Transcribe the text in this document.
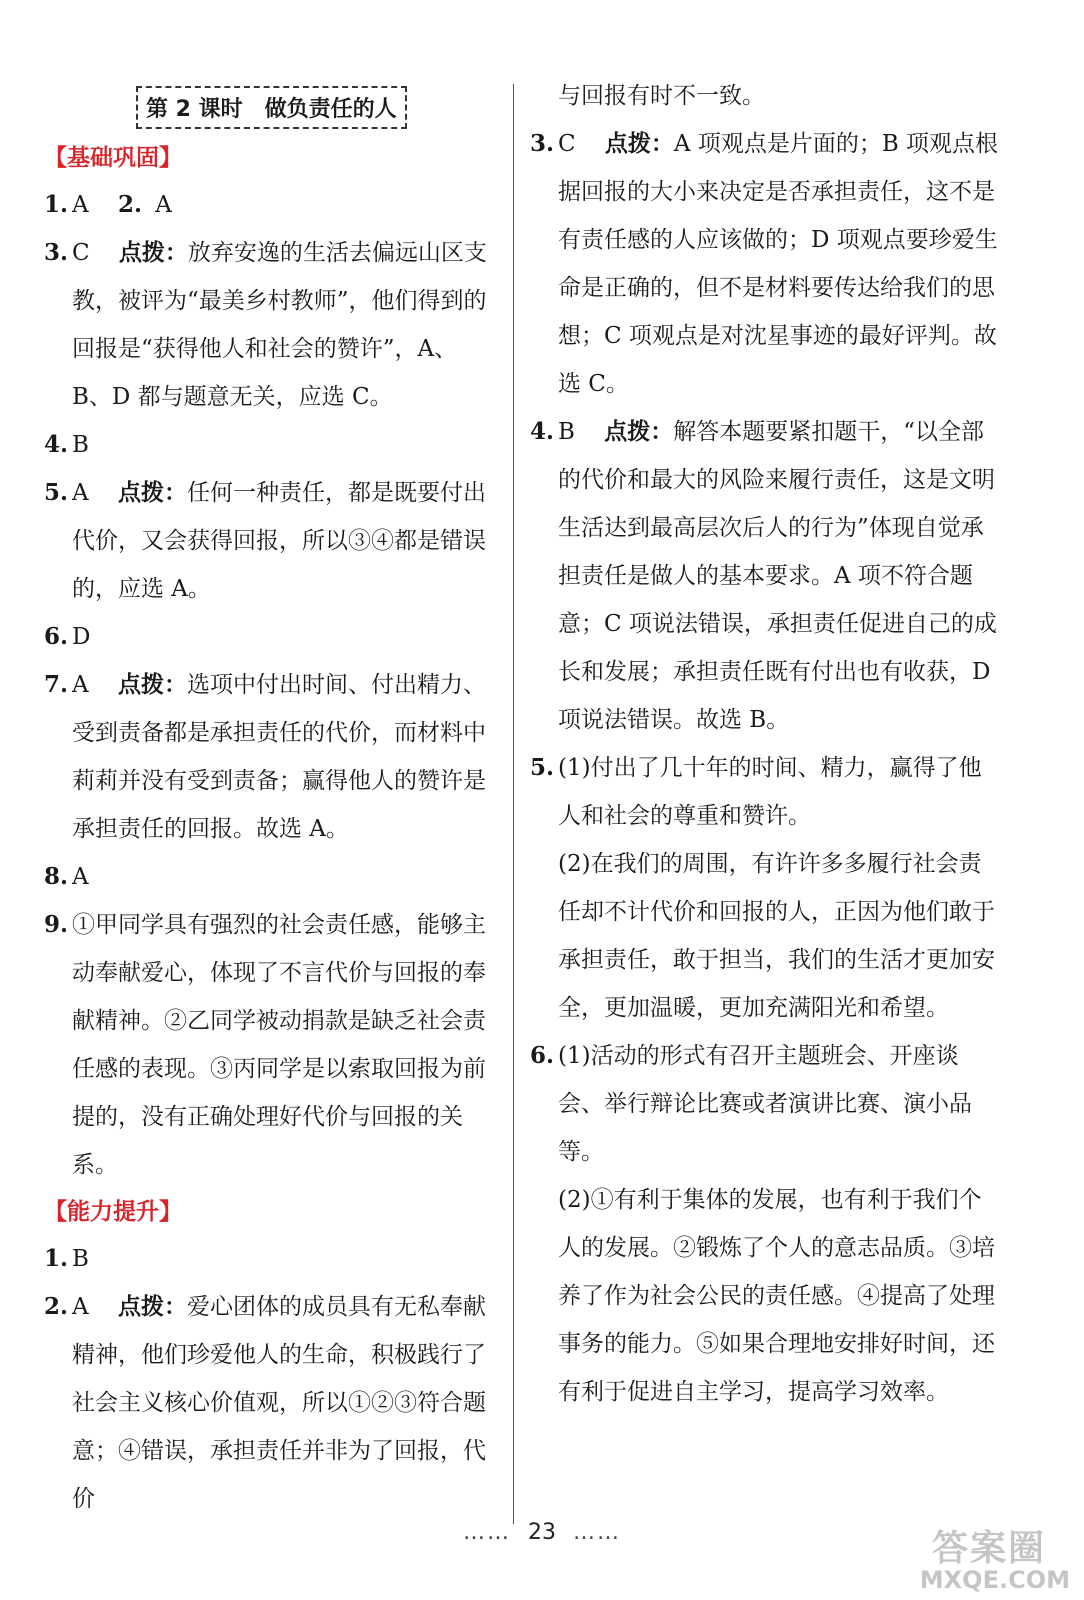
第 2 课时　做负责任的人
【基础巩固】
1. A 2. A
3. C 点拨：放弃安逸的生活去偏远山区支教，被评为“最美乡村教师”，他们得到的回报是“获得他人和社会的赞许”，A、B、D 都与题意无关，应选 C。
4. B
5. A 点拨：任何一种责任，都是既要付出代价，又会获得回报，所以③④都是错误的，应选 A。
6. D
7. A 点拨：选项中付出时间、付出精力、受到责备都是承担责任的代价，而材料中莉莉并没有受到责备；赢得他人的赞许是承担责任的回报。故选 A。
8. A
9. ①甲同学具有强烈的社会责任感，能够主动奉献爱心，体现了不言代价与回报的奉献精神。②乙同学被动捐款是缺乏社会责任感的表现。③丙同学是以索取回报为前提的，没有正确处理好代价与回报的关系。
【能力提升】
1. B
2. A 点拨：爱心团体的成员具有无私奉献精神，他们珍爱他人的生命，积极践行了社会主义核心价值观，所以①②③符合题意；④错误，承担责任并非为了回报，代价
与回报有时不一致。
3. C 点拨：A 项观点是片面的；B 项观点根据回报的大小来决定是否承担责任，这不是有责任感的人应该做的；D 项观点要珍爱生命是正确的，但不是材料要传达给我们的思想；C 项观点是对沈星事迹的最好评判。故选 C。
4. B 点拨：解答本题要紧扣题干，“以全部的代价和最大的风险来履行责任，这是文明生活达到最高层次后人的行为”体现自觉承担责任是做人的基本要求。A 项不符合题意；C 项说法错误，承担责任促进自己的成长和发展；承担责任既有付出也有收获，D 项说法错误。故选 B。
5. (1)付出了几十年的时间、精力，赢得了他人和社会的尊重和赞许。
(2)在我们的周围，有许许多多履行社会责任却不计代价和回报的人，正因为他们敢于承担责任，敢于担当，我们的生活才更加安全，更加温暖，更加充满阳光和希望。
6. (1)活动的形式有召开主题班会、开座谈会、举行辩论比赛或者演讲比赛、演小品等。
(2)①有利于集体的发展，也有利于我们个人的发展。②锻炼了个人的意志品质。③培养了作为社会公民的责任感。④提高了处理事务的能力。⑤如果合理地安排好时间，还有利于促进自主学习，提高学习效率。
…… 23 ……	答案圈
MXQE.COM
